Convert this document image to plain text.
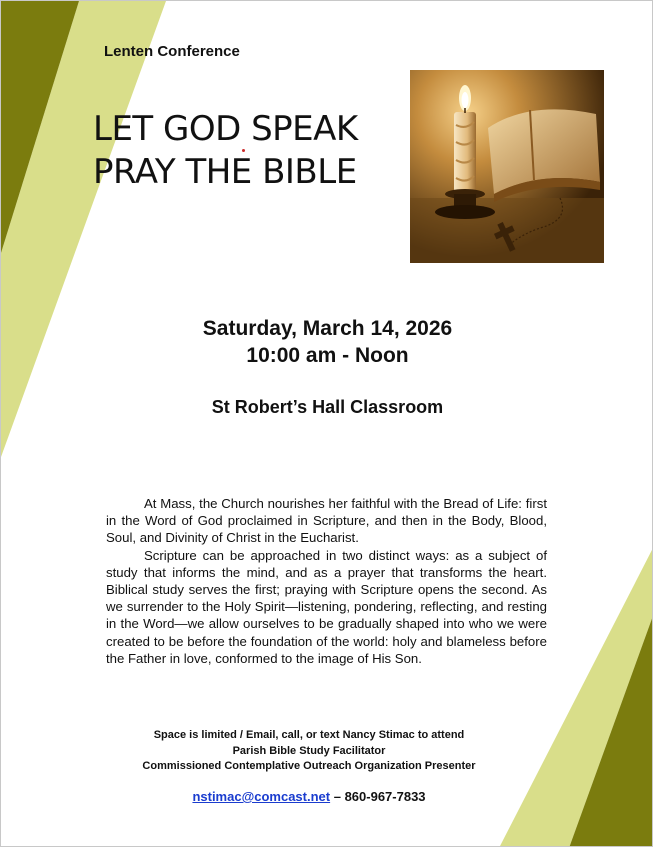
Lenten Conference
LET GOD SPEAK
PRAY THE BIBLE
Saturday, March 14, 2026
10:00 am - Noon
St Robert’s Hall Classroom

At Mass, the Church nourishes her faithful with the Bread of Life: first in the Word of God proclaimed in Scripture, and then in the Body, Blood, Soul, and Divinity of Christ in the Eucharist.

Scripture can be approached in two distinct ways: as a subject of study that informs the mind, and as a prayer that transforms the heart. Biblical study serves the first; praying with Scripture opens the second. As we surrender to the Holy Spirit—listening, pondering, reflecting, and resting in the Word—we allow ourselves to be gradually shaped into who we were created to be before the foundation of the world: holy and blameless before the Father in love, conformed to the image of His Son.

Space is limited / Email, call, or text Nancy Stimac to attend
Parish Bible Study Facilitator
Commissioned Contemplative Outreach Organization Presenter
nstimac@comcast.net – 860-967-7833
